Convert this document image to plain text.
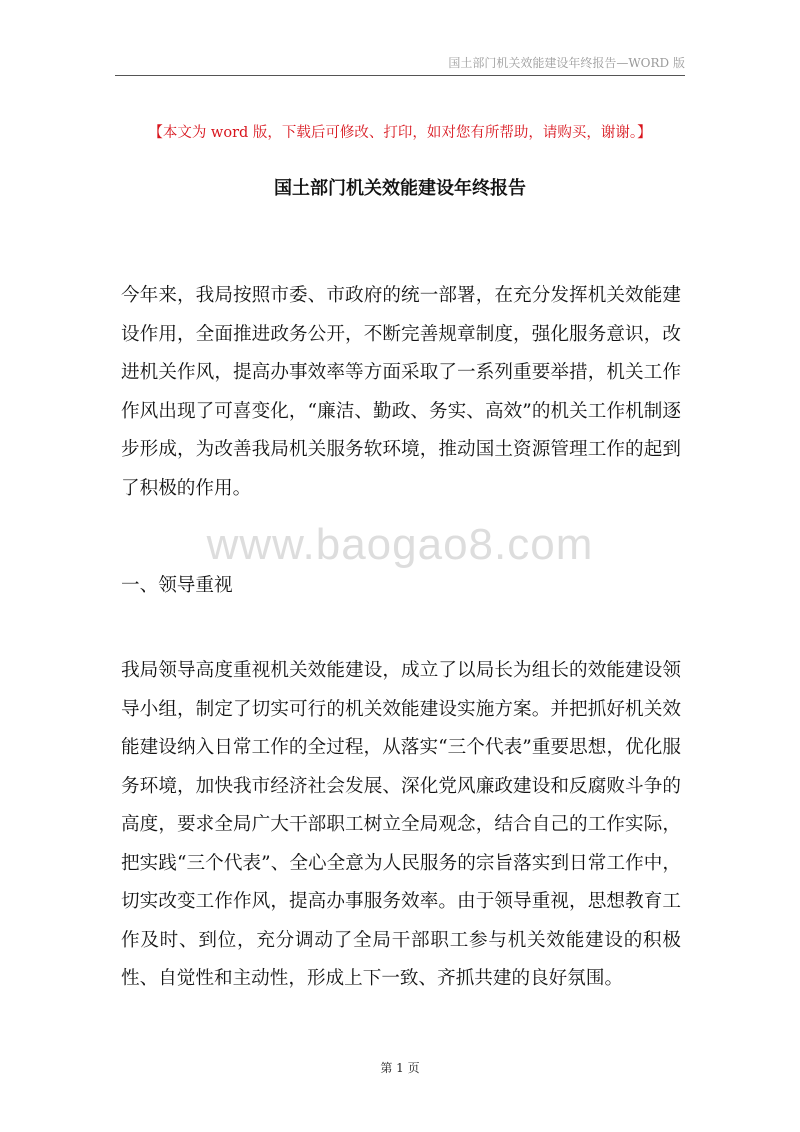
国土部门机关效能建设年终报告—WORD 版
【本文为 word 版，下载后可修改、打印，如对您有所帮助，请购买，谢谢。】
国土部门机关效能建设年终报告

今年来，我局按照市委、市政府的统一部署，在充分发挥机关效能建设作用，全面推进政务公开，不断完善规章制度，强化服务意识，改进机关作风，提高办事效率等方面采取了一系列重要举措，机关工作作风出现了可喜变化，“廉洁、勤政、务实、高效”的机关工作机制逐步形成，为改善我局机关服务软环境，推动国土资源管理工作的起到了积极的作用。

www.baogao8.com

一、领导重视

我局领导高度重视机关效能建设，成立了以局长为组长的效能建设领导小组，制定了切实可行的机关效能建设实施方案。并把抓好机关效能建设纳入日常工作的全过程，从落实“三个代表”重要思想，优化服务环境，加快我市经济社会发展、深化党风廉政建设和反腐败斗争的高度，要求全局广大干部职工树立全局观念，结合自己的工作实际，把实践“三个代表”、全心全意为人民服务的宗旨落实到日常工作中，切实改变工作作风，提高办事服务效率。由于领导重视，思想教育工作及时、到位，充分调动了全局干部职工参与机关效能建设的积极性、自觉性和主动性，形成上下一致、齐抓共建的良好氛围。

第 1 页
